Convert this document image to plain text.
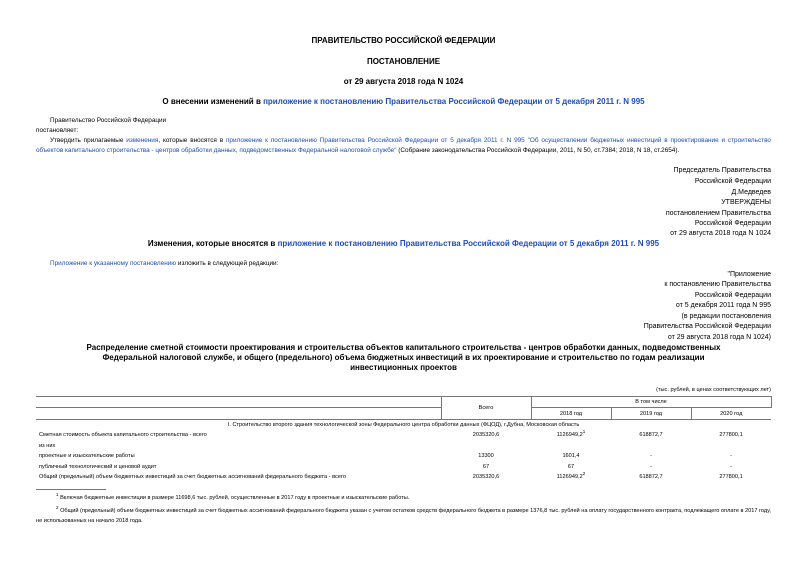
ПРАВИТЕЛЬСТВО РОССИЙСКОЙ ФЕДЕРАЦИИ
ПОСТАНОВЛЕНИЕ
от 29 августа 2018 года N 1024
О внесении изменений в приложение к постановлению Правительства Российской Федерации от 5 декабря 2011 г. N 995
Правительство Российской Федерации
постановляет:
Утвердить прилагаемые изменения, которые вносятся в приложение к постановлению Правительства Российской Федерации от 5 декабря 2011 г. N 995 "Об осуществлении бюджетных инвестиций в проектирование и строительство объектов капитального строительства - центров обработки данных, подведомственных Федеральной налоговой службе" (Собрание законодательства Российской Федерации, 2011, N 50, ст.7384; 2018, N 18, ст.2654).
Председатель Правительства
Российской Федерации
Д.Медведев
УТВЕРЖДЕНЫ
постановлением Правительства
Российской Федерации
от 29 августа 2018 года N 1024
Изменения, которые вносятся в приложение к постановлению Правительства Российской Федерации от 5 декабря 2011 г. N 995
Приложение к указанному постановлению изложить в следующей редакции:
"Приложение
к постановлению Правительства
Российской Федерации
от 5 декабря 2011 года N 995
(в редакции постановления
Правительства Российской Федерации
от 29 августа 2018 года N 1024)
Распределение сметной стоимости проектирования и строительства объектов капитального строительства - центров обработки данных, подведомственных
Федеральной налоговой службе, и общего (предельного) объема бюджетных инвестиций в их проектирование и строительство по годам реализации
инвестиционных проектов
(тыс. рублей, в ценах соответствующих лет)
	Всего	В том числе		
		2018 год	2019 год	2020 год
I. Строительство второго здания технологической зоны Федерального центра обработки данных (ФЦОД), г.Дубна, Московская область				
Сметная стоимость объекта капитального строительства - всего	2035320,6	1126949,2$^1$	618872,7	277800,1
из них				
проектные и изыскательские работы	13300	1601,4	-	-
публичный технологический и ценовой аудит	67	67	-	-
Общий (предельный) объем бюджетных инвестиций за счет бюджетных ассигнований федерального бюджета - всего	2035320,6	1126949,2$^2$	618872,7	277800,1
$^1$ Включая бюджетные инвестиции в размере 11698,6 тыс. рублей, осуществленные в 2017 году в проектные и изыскательские работы.
$^2$ Общий (предельный) объем бюджетных инвестиций за счет бюджетных ассигнований федерального бюджета указан с учетом остатков средств федерального бюджета в размере 1376,8 тыс. рублей на оплату государственного контракта, подлежащего оплате в 2017 году, не использованных на начало 2018 года.
